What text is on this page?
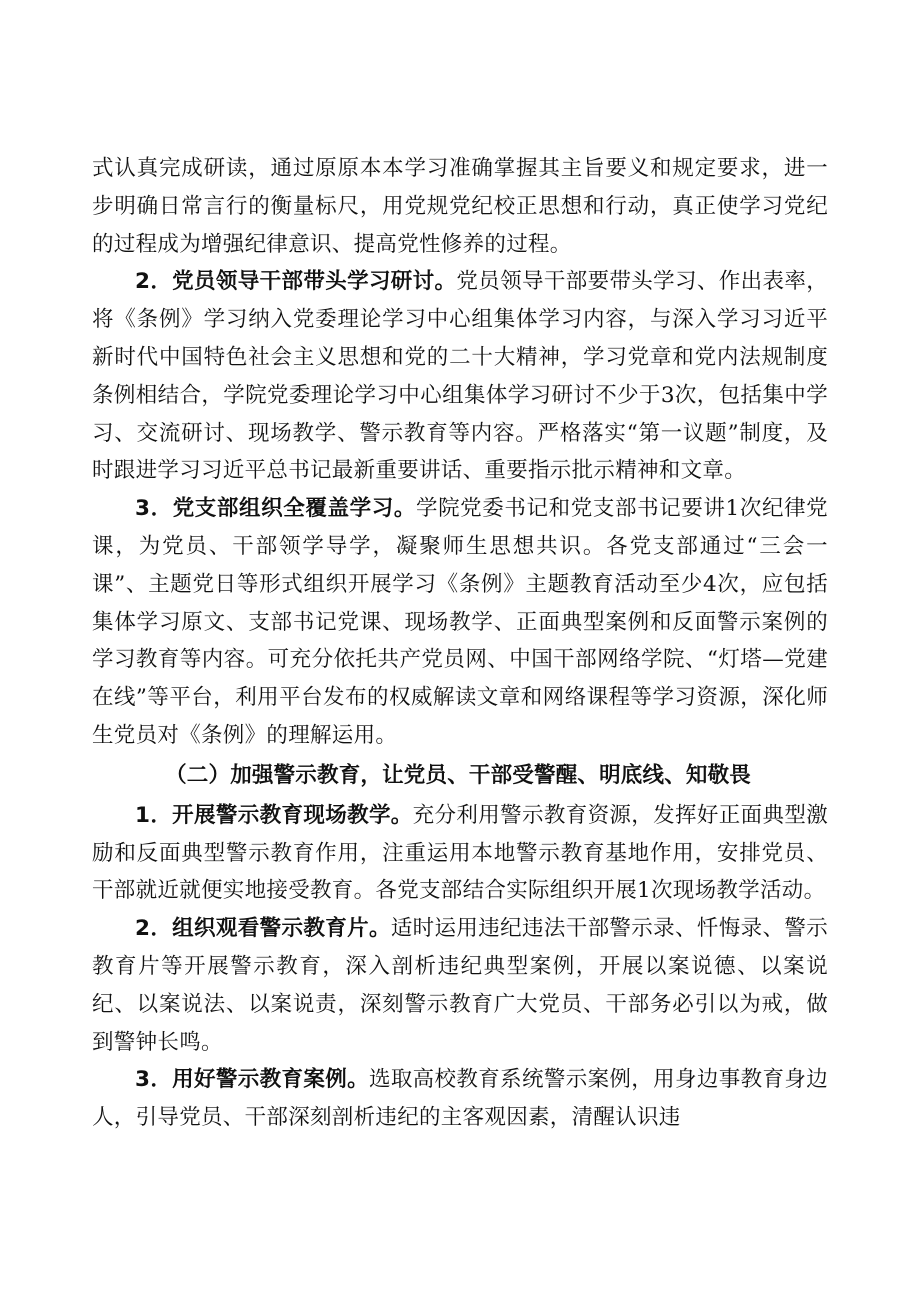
式认真完成研读，通过原原本本学习准确掌握其主旨要义和规定要求，进一步明确日常言行的衡量标尺，用党规党纪校正思想和行动，真正使学习党纪的过程成为增强纪律意识、提高党性修养的过程。

2．党员领导干部带头学习研讨。党员领导干部要带头学习、作出表率，将《条例》学习纳入党委理论学习中心组集体学习内容，与深入学习习近平新时代中国特色社会主义思想和党的二十大精神，学习党章和党内法规制度条例相结合，学院党委理论学习中心组集体学习研讨不少于3次，包括集中学习、交流研讨、现场教学、警示教育等内容。严格落实“第一议题”制度，及时跟进学习习近平总书记最新重要讲话、重要指示批示精神和文章。

3．党支部组织全覆盖学习。学院党委书记和党支部书记要讲1次纪律党课，为党员、干部领学导学，凝聚师生思想共识。各党支部通过“三会一课”、主题党日等形式组织开展学习《条例》主题教育活动至少4次，应包括集体学习原文、支部书记党课、现场教学、正面典型案例和反面警示案例的学习教育等内容。可充分依托共产党员网、中国干部网络学院、“灯塔—党建在线”等平台，利用平台发布的权威解读文章和网络课程等学习资源，深化师生党员对《条例》的理解运用。

（二）加强警示教育，让党员、干部受警醒、明底线、知敬畏

1．开展警示教育现场教学。充分利用警示教育资源，发挥好正面典型激励和反面典型警示教育作用，注重运用本地警示教育基地作用，安排党员、干部就近就便实地接受教育。各党支部结合实际组织开展1次现场教学活动。

2．组织观看警示教育片。适时运用违纪违法干部警示录、忏悔录、警示教育片等开展警示教育，深入剖析违纪典型案例，开展以案说德、以案说纪、以案说法、以案说责，深刻警示教育广大党员、干部务必引以为戒，做到警钟长鸣。

3．用好警示教育案例。选取高校教育系统警示案例，用身边事教育身边人，引导党员、干部深刻剖析违纪的主客观因素，清醒认识违
